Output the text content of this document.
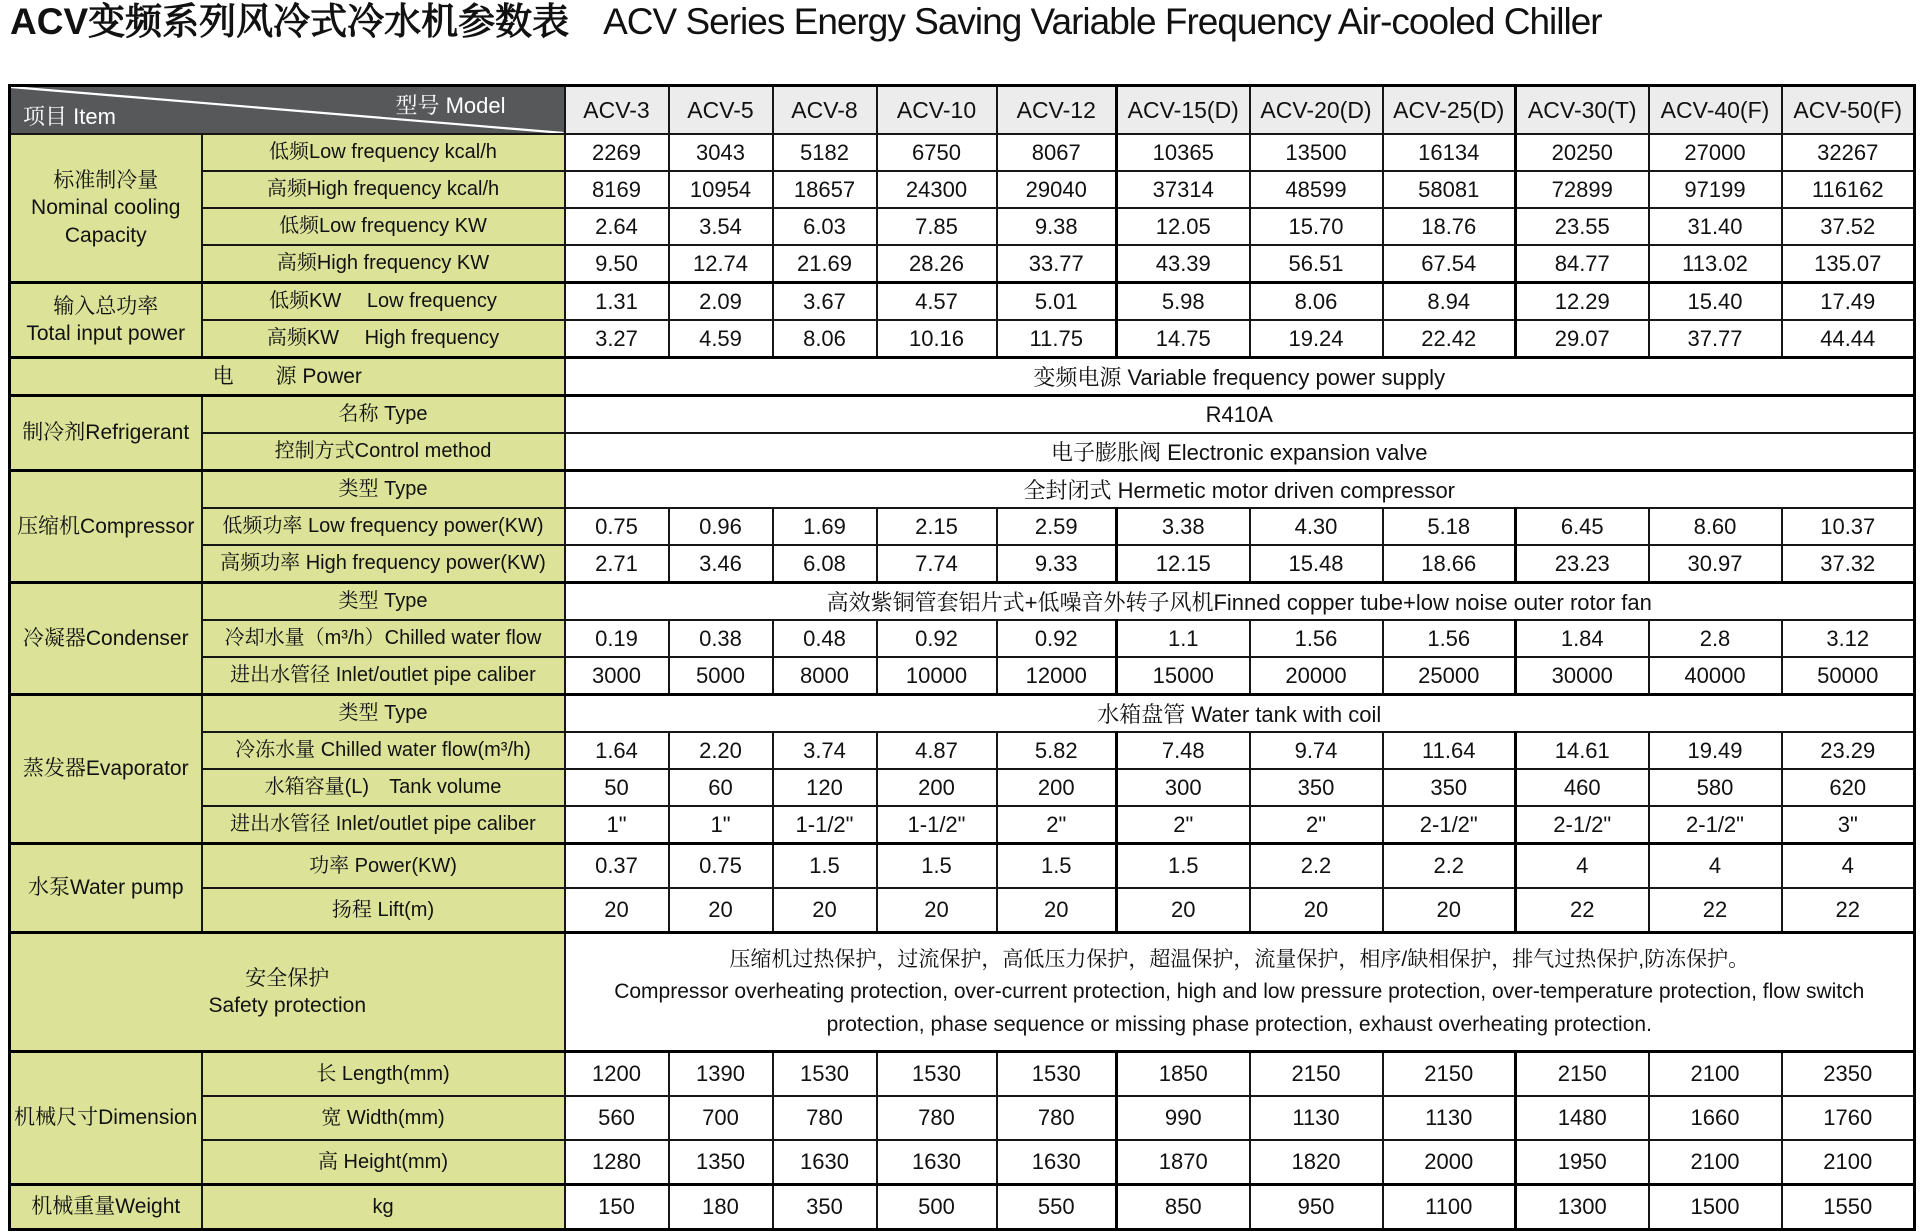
ACV变频系列风冷式冷水机参数表 ACV Series Energy Saving Variable Frequency Air-cooled Chiller
型号 Model
项目 Item		ACV-3	ACV-5	ACV-8	ACV-10	ACV-12	ACV-15(D)	ACV-20(D)	ACV-25(D)	ACV-30(T)	ACV-40(F)	ACV-50(F)

标准制冷量
Nominal cooling
Capacity	低频Low frequency kcal/h	2269	3043	5182	6750	8067	10365	13500	16134	20250	27000	32267
	高频High frequency kcal/h	8169	10954	18657	24300	29040	37314	48599	58081	72899	97199	116162
	低频Low frequency KW	2.64	3.54	6.03	7.85	9.38	12.05	15.70	18.76	23.55	31.40	37.52
	高频High frequency KW	9.50	12.74	21.69	28.26	33.77	43.39	56.51	67.54	84.77	113.02	135.07

输入总功率
Total input power	低频KW　 Low frequency	1.31	2.09	3.67	4.57	5.01	5.98	8.06	8.94	12.29	15.40	17.49
	高频KW　 High frequency	3.27	4.59	8.06	10.16	11.75	14.75	19.24	22.42	29.07	37.77	44.44

电　　源 Power		变频电源 Variable frequency power supply										

制冷剂Refrigerant	名称 Type	R410A										
	控制方式Control method	电子膨胀阀 Electronic expansion valve										

压缩机Compressor	类型 Type	全封闭式 Hermetic motor driven compressor										
	低频功率 Low frequency power(KW)	0.75	0.96	1.69	2.15	2.59	3.38	4.30	5.18	6.45	8.60	10.37
	高频功率 High frequency power(KW)	2.71	3.46	6.08	7.74	9.33	12.15	15.48	18.66	23.23	30.97	37.32

冷凝器Condenser	类型 Type	高效紫铜管套铝片式+低噪音外转子风机Finned copper tube+low noise outer rotor fan										
	冷却水量（m³/h）Chilled water flow	0.19	0.38	0.48	0.92	0.92	1.1	1.56	1.56	1.84	2.8	3.12
	进出水管径 Inlet/outlet pipe caliber	3000	5000	8000	10000	12000	15000	20000	25000	30000	40000	50000

蒸发器Evaporator	类型 Type	水箱盘管 Water tank with coil										
	冷冻水量 Chilled water flow(m³/h)	1.64	2.20	3.74	4.87	5.82	7.48	9.74	11.64	14.61	19.49	23.29
	水箱容量(L)　Tank volume	50	60	120	200	200	300	350	350	460	580	620
	进出水管径 Inlet/outlet pipe caliber	1"	1"	1-1/2"	1-1/2"	2"	2"	2"	2-1/2"	2-1/2"	2-1/2"	3"

水泵Water pump	功率 Power(KW)	0.37	0.75	1.5	1.5	1.5	1.5	2.2	2.2	4	4	4
	扬程 Lift(m)	20	20	20	20	20	20	20	20	22	22	22

安全保护
Safety protection

压缩机过热保护，过流保护，高低压力保护，超温保护，流量保护，相序/缺相保护，排气过热保护,防冻保护。
Compressor overheating protection, over-current protection, high and low pressure protection, over-temperature protection, flow switch protection, phase sequence or missing phase protection, exhaust overheating protection.

机械尺寸Dimension	长 Length(mm)	1200	1390	1530	1530	1530	1850	2150	2150	2150	2100	2350
	宽 Width(mm)	560	700	780	780	780	990	1130	1130	1480	1660	1760
	高 Height(mm)	1280	1350	1630	1630	1630	1870	1820	2000	1950	2100	2100

机械重量Weight	kg	150	180	350	500	550	850	950	1100	1300	1500	1550
